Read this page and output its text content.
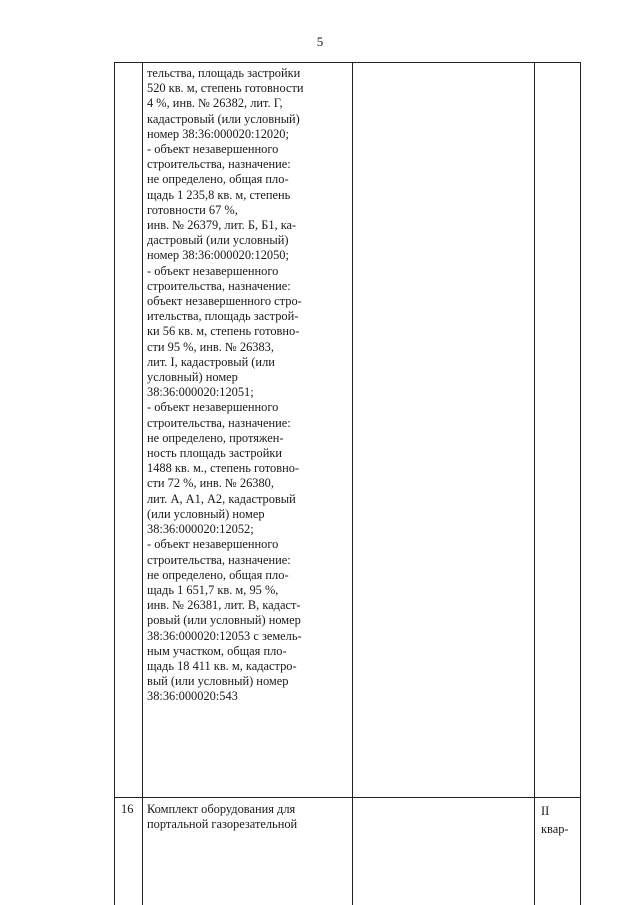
5
тельства, площадь застройки
520 кв. м, степень готовности
4 %, инв. № 26382, лит. Г,
кадастровый (или условный)
номер 38:36:000020:12020;
- объект незавершенного
строительства, назначение:
не определено, общая пло-
щадь 1 235,8 кв. м, степень
готовности 67 %,
инв. № 26379, лит. Б, Б1, ка-
дастровый (или условный)
номер 38:36:000020:12050;
- объект незавершенного
строительства, назначение:
объект незавершенного стро-
ительства, площадь застрой-
ки 56 кв. м, степень готовно-
сти 95 %, инв. № 26383,
лит. I, кадастровый (или
условный) номер
38:36:000020:12051;
- объект незавершенного
строительства, назначение:
не определено, протяжен-
ность площадь застройки
1488 кв. м., степень готовно-
сти 72 %, инв. № 26380,
лит. А, А1, А2, кадастровый
(или условный) номер
38:36:000020:12052;
- объект незавершенного
строительства, назначение:
не определено, общая пло-
щадь 1 651,7 кв. м, 95 %,
инв. № 26381, лит. В, кадаст-
ровый (или условный) номер
38:36:000020:12053 с земель-
ным участком, общая пло-
щадь 18 411 кв. м, кадастро-
вый (или условный) номер
38:36:000020:543
16 Комплект оборудования для
портальной газорезательной
II
квар-
